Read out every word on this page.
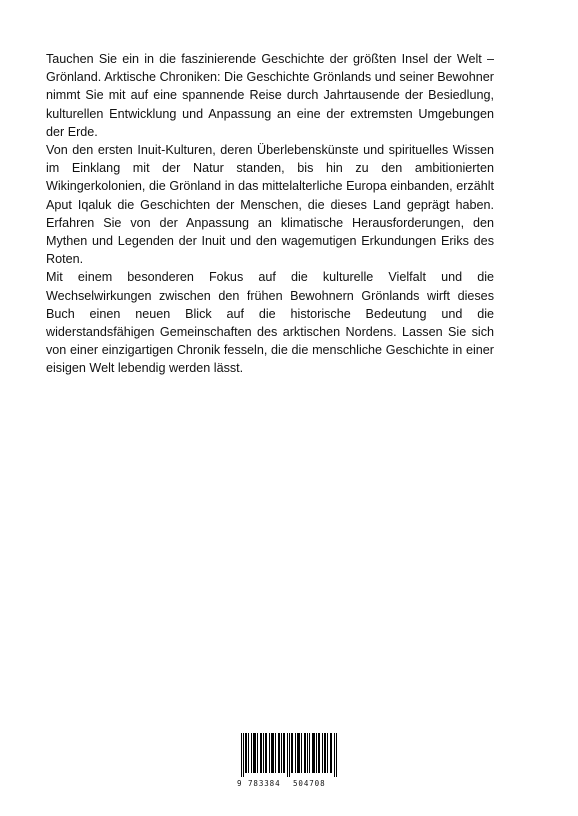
Tauchen Sie ein in die faszinierende Geschichte der größten Insel der Welt – Grönland. Arktische Chroniken: Die Geschichte Grönlands und seiner Bewohner nimmt Sie mit auf eine spannende Reise durch Jahrtausende der Besiedlung, kulturellen Entwicklung und Anpassung an eine der extremsten Umgebungen der Erde.

Von den ersten Inuit-Kulturen, deren Überlebenskünste und spirituelles Wissen im Einklang mit der Natur standen, bis hin zu den ambitionierten Wikingerkolonien, die Grönland in das mittelalterliche Europa einbanden, erzählt Aput Iqaluk die Geschichten der Menschen, die dieses Land geprägt haben. Erfahren Sie von der Anpassung an klimatische Herausforderungen, den Mythen und Legenden der Inuit und den wagemutigen Erkundungen Eriks des Roten.

Mit einem besonderen Fokus auf die kulturelle Vielfalt und die Wechselwirkungen zwischen den frühen Bewohnern Grönlands wirft dieses Buch einen neuen Blick auf die historische Bedeutung und die widerstandsfähigen Gemeinschaften des arktischen Nordens. Lassen Sie sich von einer einzigartigen Chronik fesseln, die die menschliche Geschichte in einer eisigen Welt lebendig werden lässt.

9 783384 504708
